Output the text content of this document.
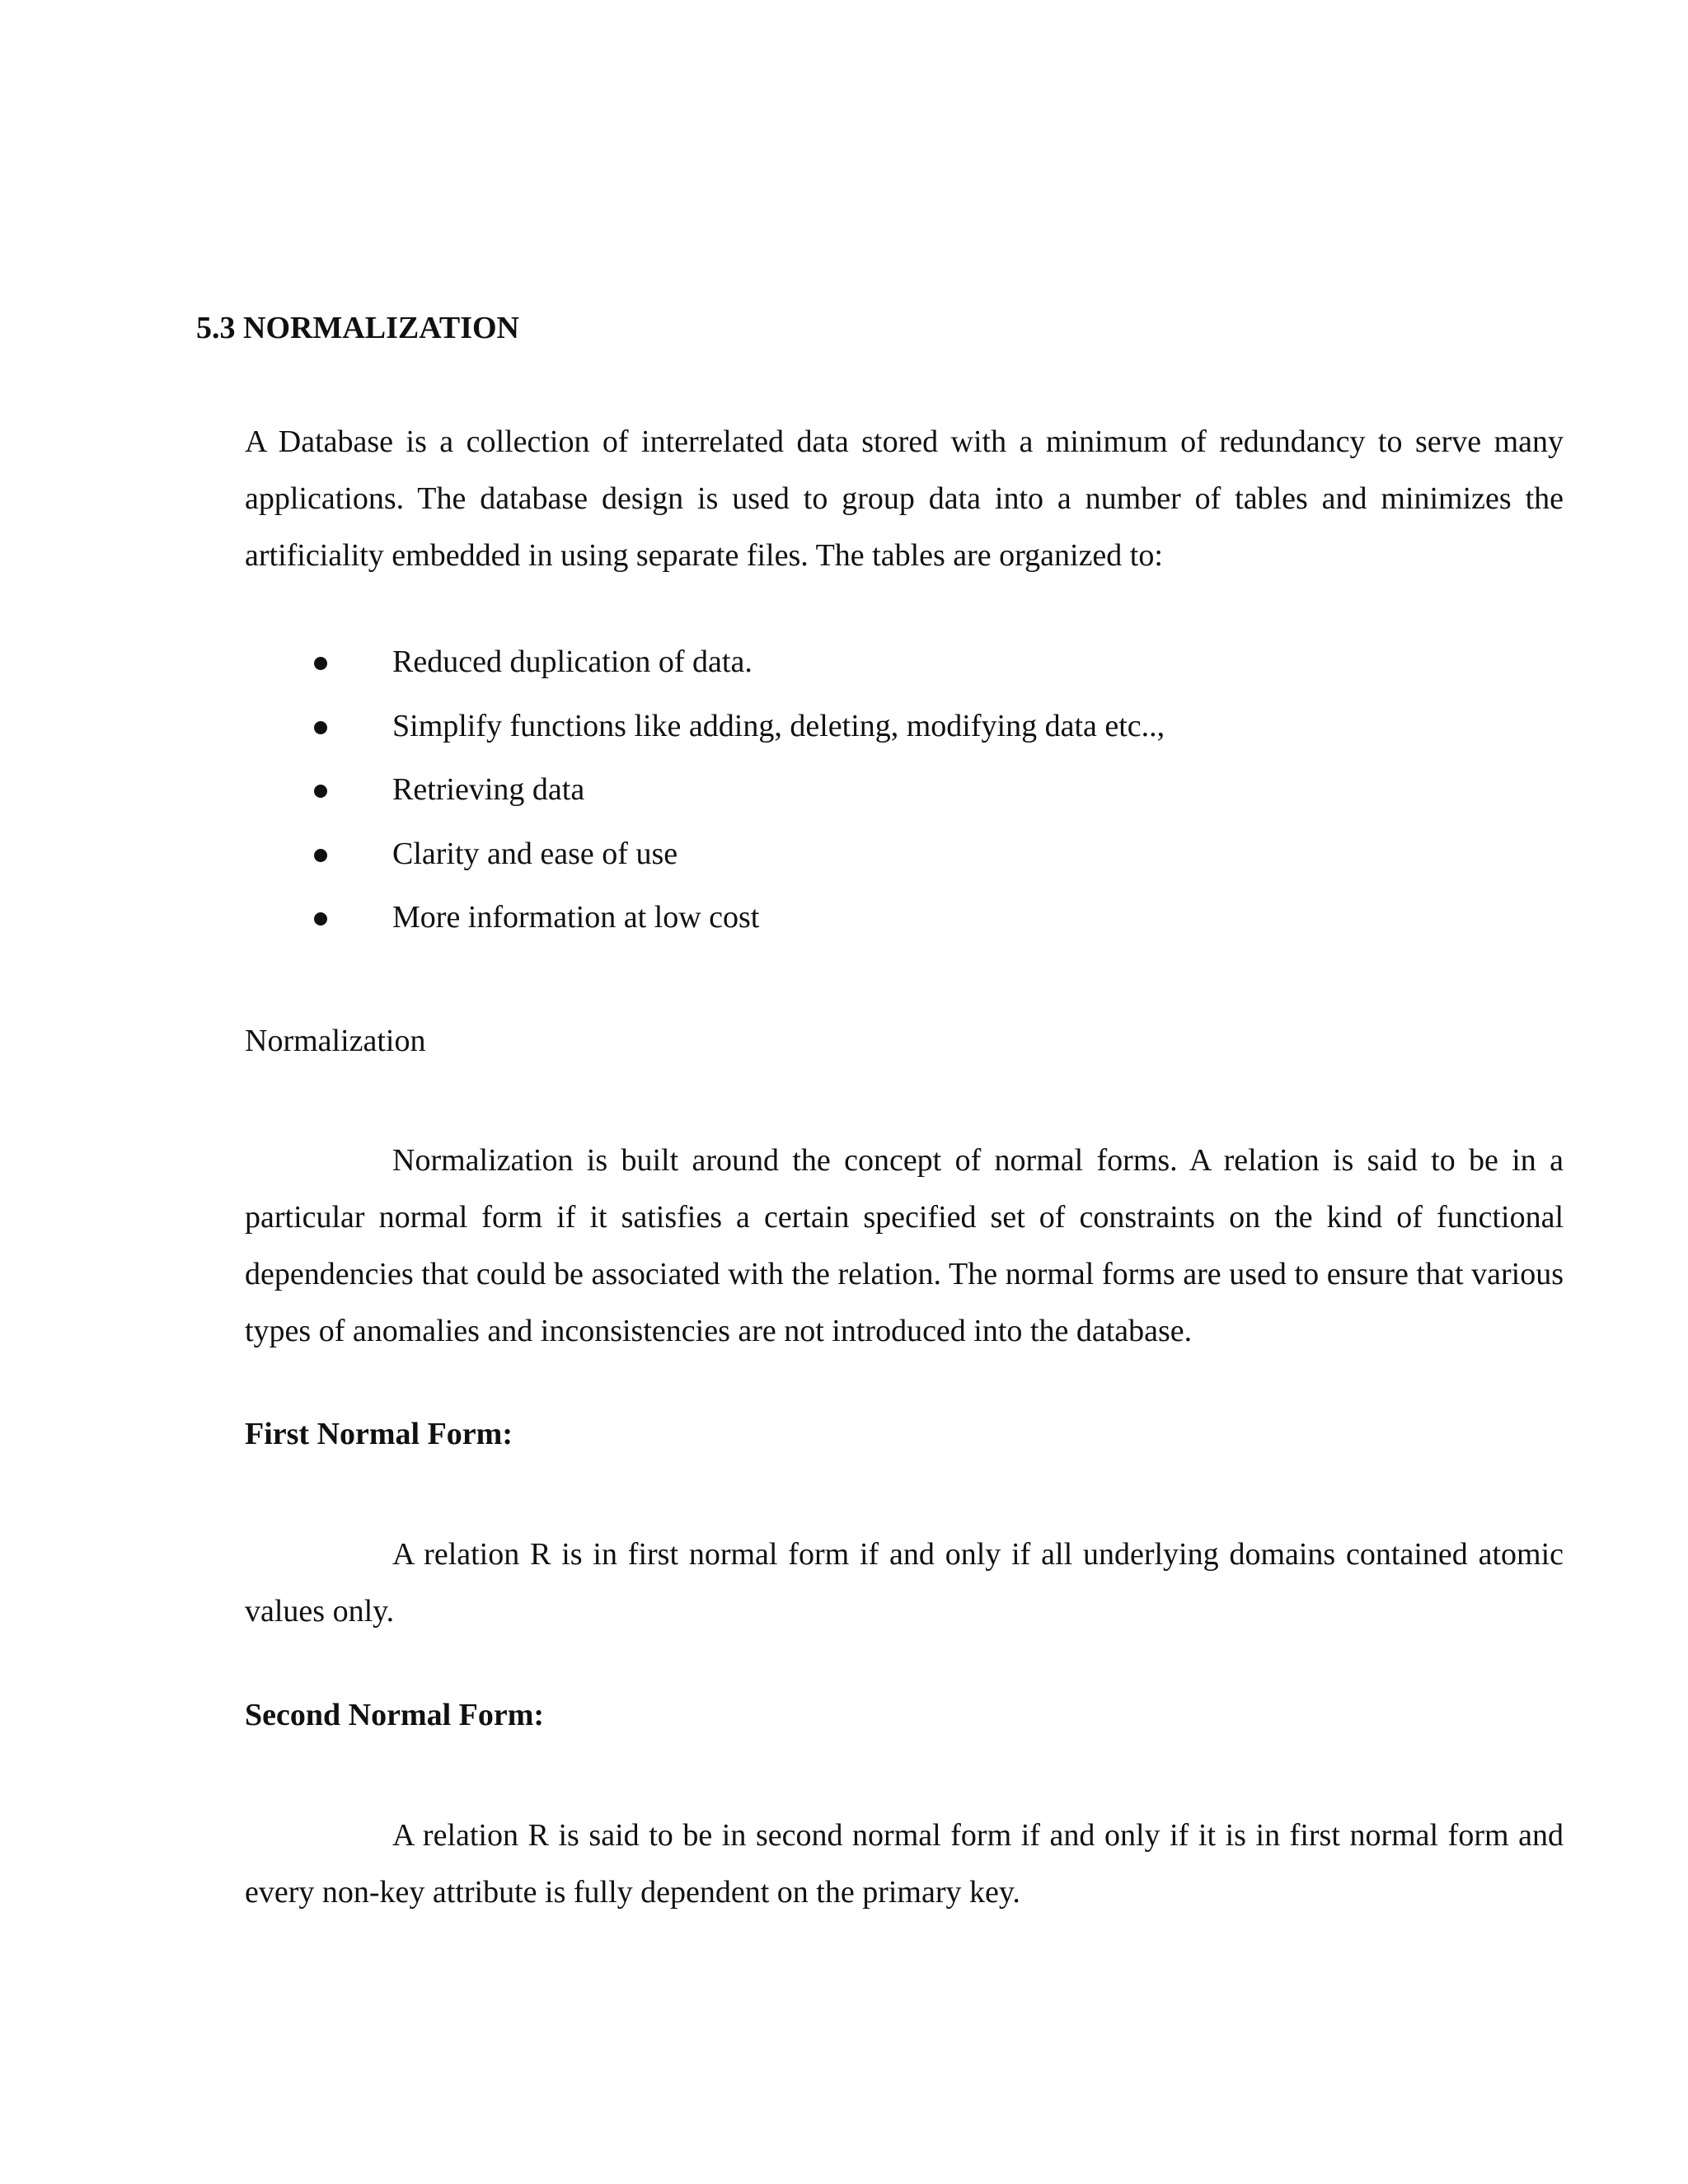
5.3 NORMALIZATION

A Database is a collection of interrelated data stored with a minimum of redundancy to serve many applications. The database design is used to group data into a number of tables and minimizes the artificiality embedded in using separate files. The tables are organized to:

Reduced duplication of data.
Simplify functions like adding, deleting, modifying data etc..,
Retrieving data
Clarity and ease of use
More information at low cost
Normalization

Normalization is built around the concept of normal forms. A relation is said to be in a particular normal form if it satisfies a certain specified set of constraints on the kind of functional dependencies that could be associated with the relation. The normal forms are used to ensure that various types of anomalies and inconsistencies are not introduced into the database.

First Normal Form:

A relation R is in first normal form if and only if all underlying domains contained atomic values only.

Second Normal Form:

A relation R is said to be in second normal form if and only if it is in first normal form and every non-key attribute is fully dependent on the primary key.
